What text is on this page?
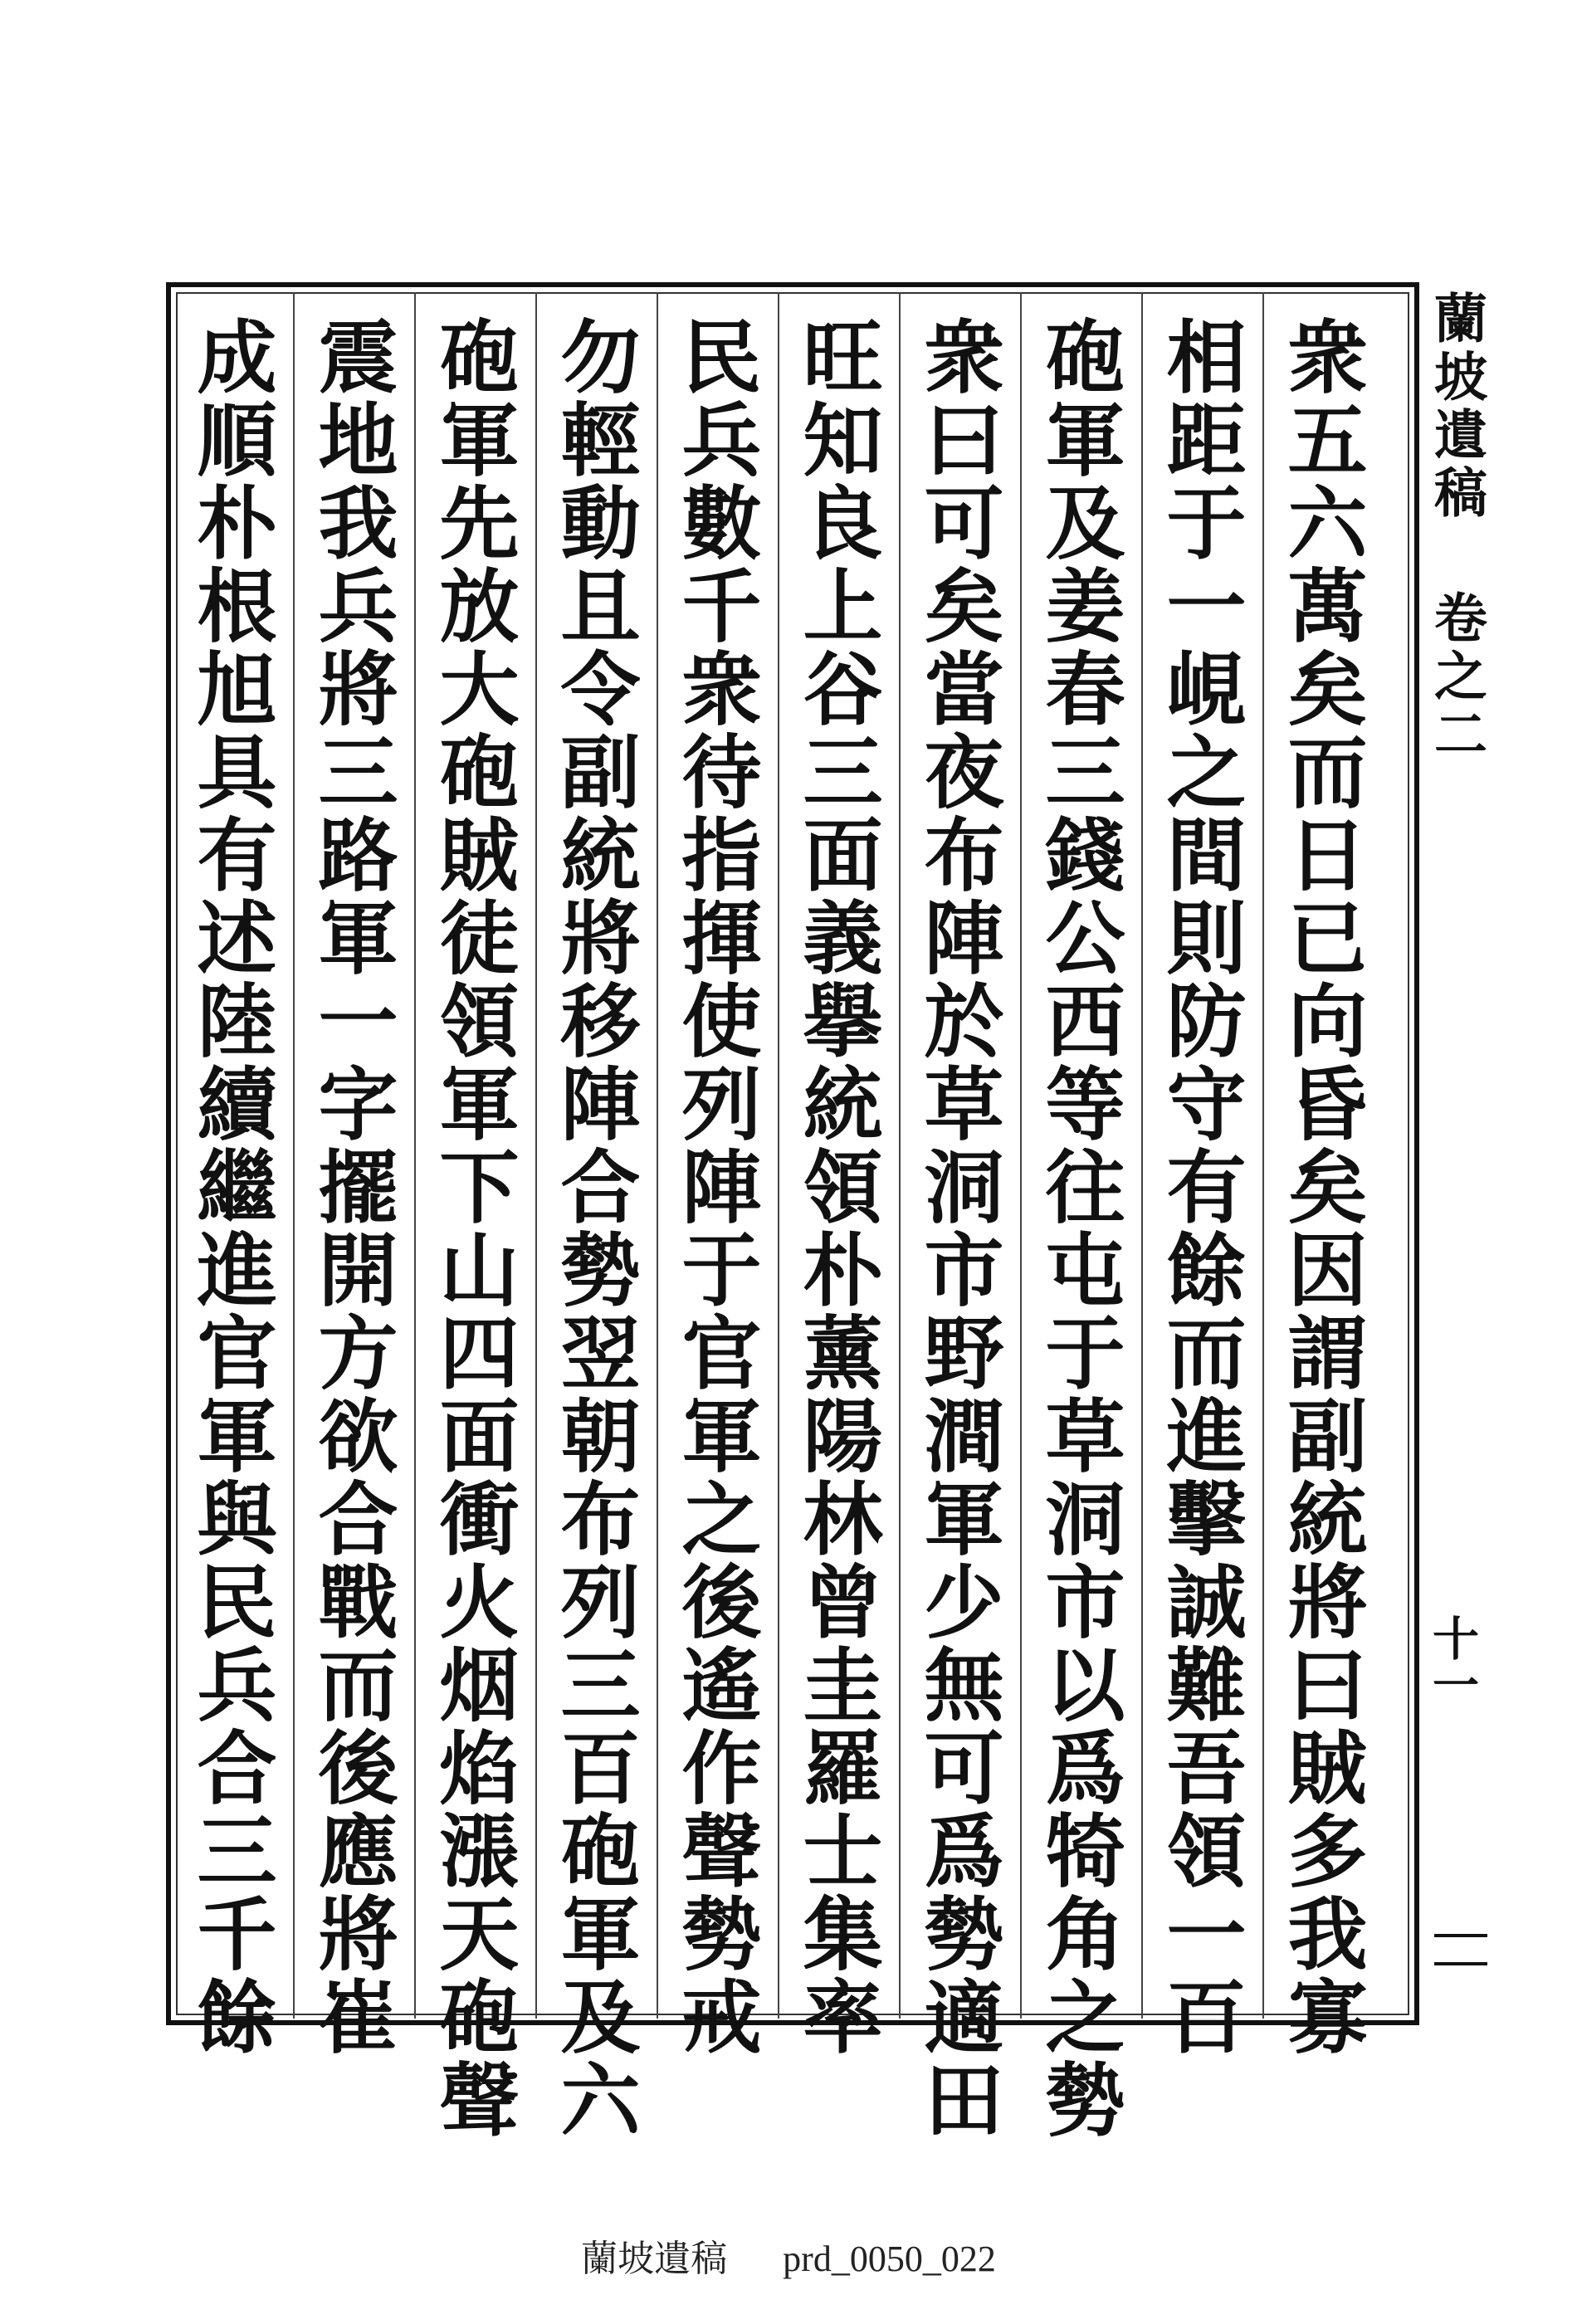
蘭坡遺稿 卷之二
十一
衆五六萬矣而日已向昏矣因謂副統將曰賊多我寡
相距于一峴之間則防守有餘而進擊誠難吾領一百
砲軍及姜春三錢公西等往屯于草洞市以爲犄角之勢
衆曰可矣當夜布陣於草洞市野澗軍少無可爲勢適田
旺知良上谷三面義擧統領朴薰陽林曾圭羅士集率
民兵數千衆待指揮使列陣于官軍之後遙作聲勢戒
勿輕動且令副統將移陣合勢翌朝布列三百砲軍及六
砲軍先放大砲賊徒領軍下山四面衝火烟焰漲天砲聲
震地我兵將三路軍一字擺開方欲合戰而後應將崔
成順朴根旭具有述陸續繼進官軍與民兵合三千餘
蘭坡遺稿 prd_0050_022
